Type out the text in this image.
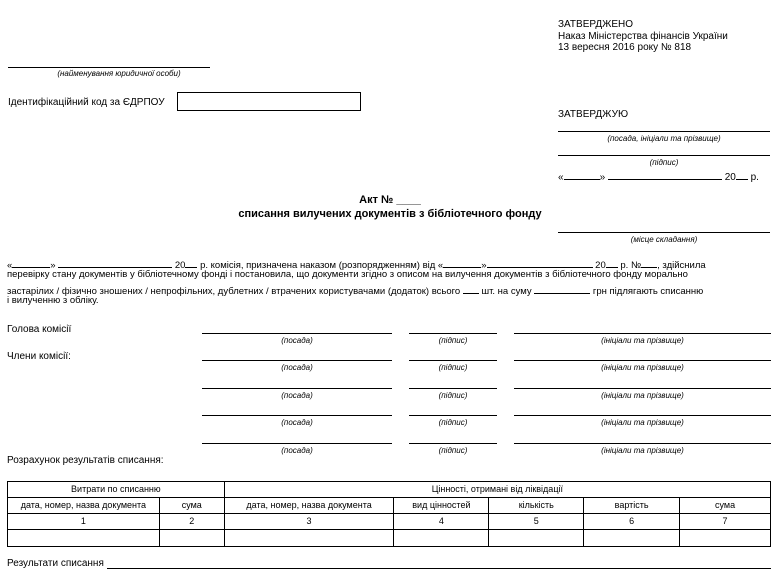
ЗАТВЕРДЖЕНО
Наказ Міністерства фінансів України
13 вересня 2016 року № 818
(найменування юридичної особи)
Ідентифікаційний код за ЄДРПОУ
ЗАТВЕРДЖУЮ
(посада, ініціали та прізвище)
(підпис)
«	»	20 р.
Акт № ____
списання вилучених документів з бібліотечного фонду
(місце складання)
«	»	20 р. комісія, призначена наказом (розпорядженням) від «	»	20 р. № , здійснила
перевірку стану документів у бібліотечному фонді і постановила, що документи згідно з описом на вилучення документів з бібліотечного фонду морально
застарілих / фізично зношених / непрофільних, дублетних / втрачених користувачами (додаток) всього шт. на суму	грн підлягають списанню
і вилученню з обліку.
Голова комісії
Члени комісії:
(посада)	(підпис)	(ініціали та прізвище)
(посада)	(підпис)	(ініціали та прізвище)
(посада)	(підпис)	(ініціали та прізвище)
(посада)	(підпис)	(ініціали та прізвище)
(посада)	(підпис)	(ініціали та прізвище)
Розрахунок результатів списання:
Витрати по списанню		Цінності, отримані від ліквідації				
дата, номер, назва документа	сума	дата, номер, назва документа	вид цінностей	кількість	вартість	сума
1	2	3	4	5	6	7

Результати списання
